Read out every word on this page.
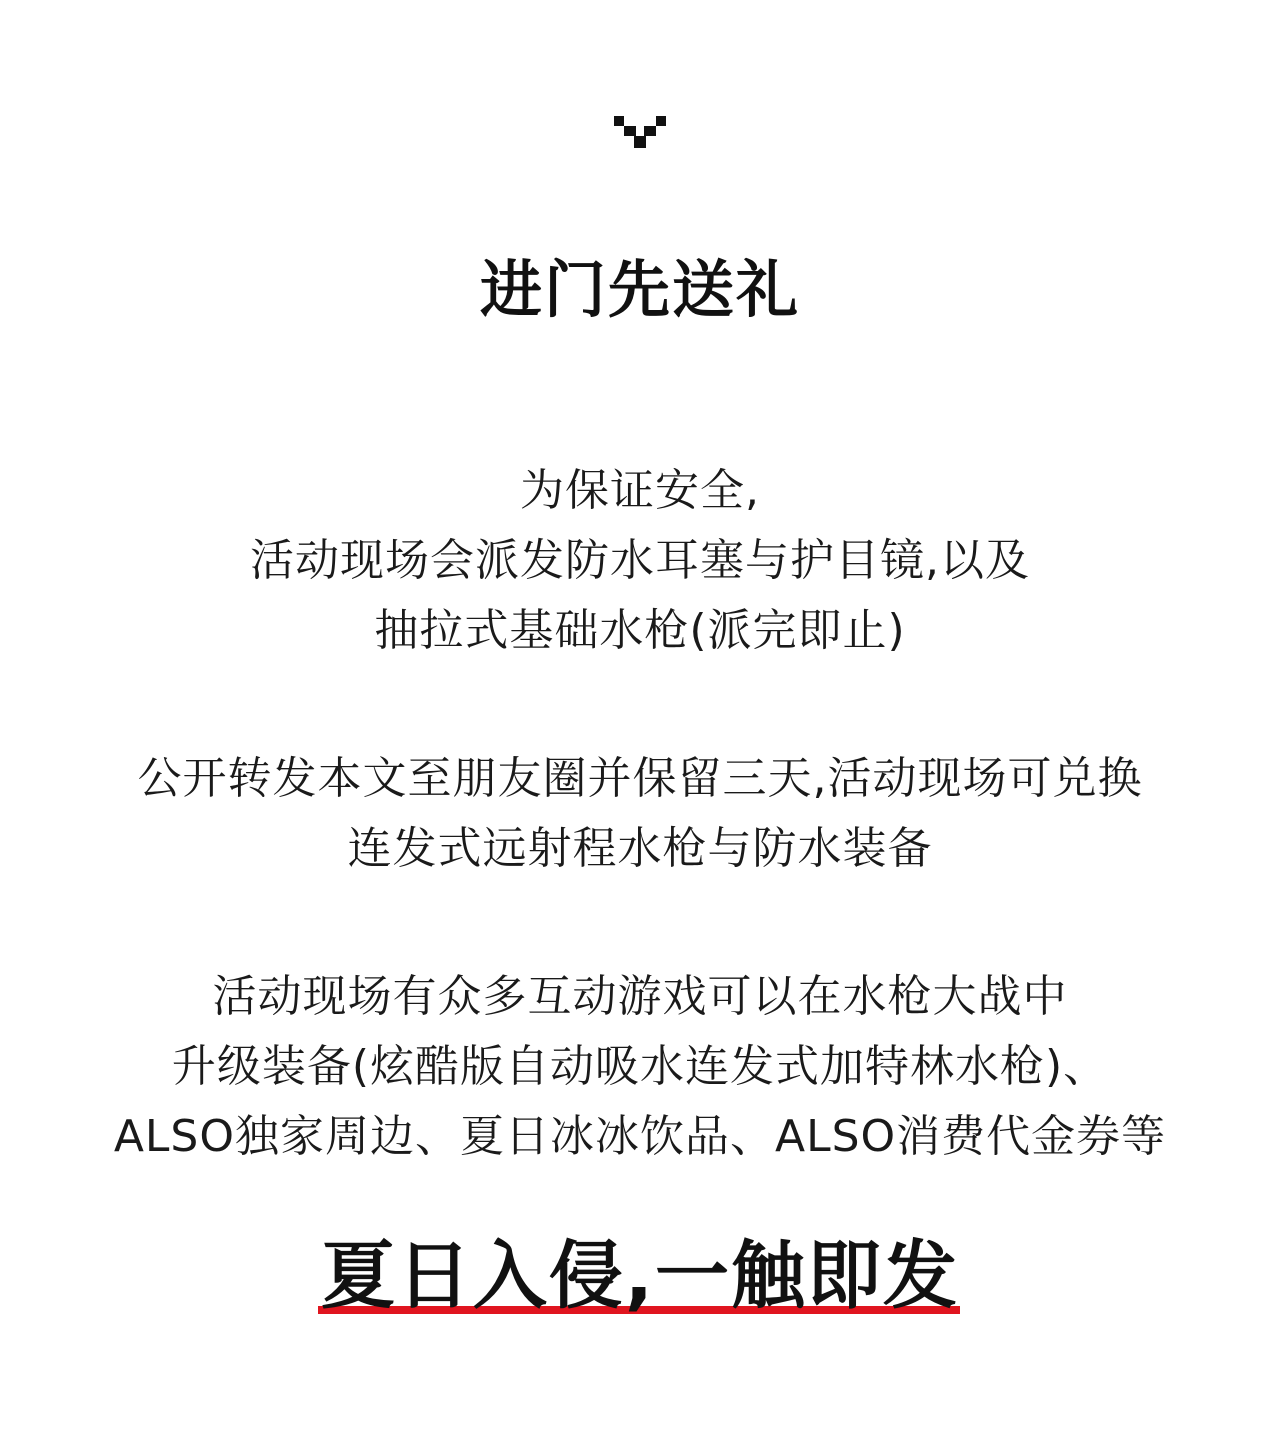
进门先送礼
为保证安全,
活动现场会派发防水耳塞与护目镜,以及
抽拉式基础水枪(派完即止)
公开转发本文至朋友圈并保留三天,活动现场可兑换
连发式远射程水枪与防水装备
活动现场有众多互动游戏可以在水枪大战中
升级装备(炫酷版自动吸水连发式加特林水枪)、
ALSO独家周边、夏日冰冰饮品、ALSO消费代金券等
夏日入侵,一触即发
